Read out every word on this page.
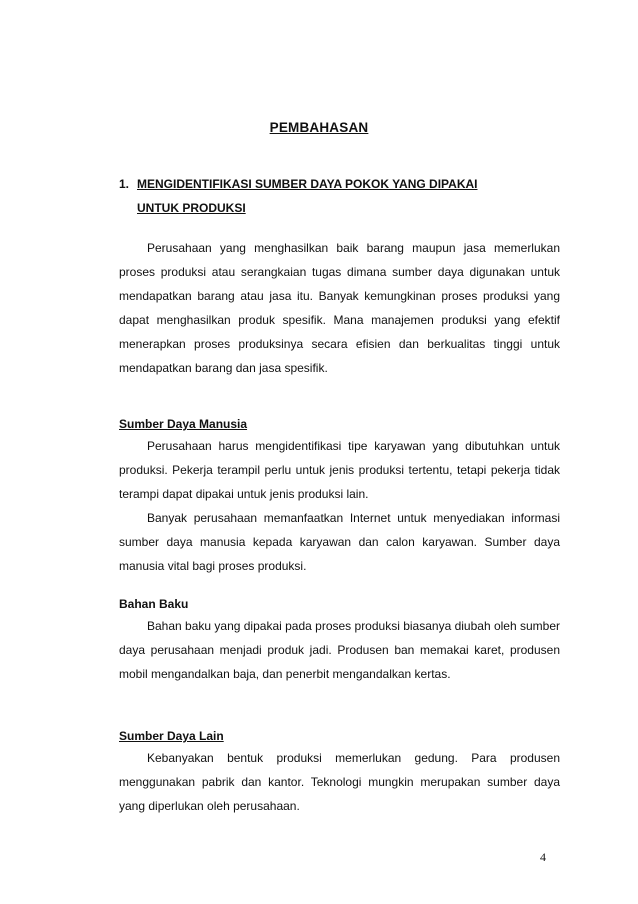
PEMBAHASAN
1. MENGIDENTIFIKASI SUMBER DAYA POKOK YANG DIPAKAI
UNTUK PRODUKSI

Perusahaan yang menghasilkan baik barang maupun jasa memerlukan proses produksi atau serangkaian tugas dimana sumber daya digunakan untuk mendapatkan barang atau jasa itu. Banyak kemungkinan proses produksi yang dapat menghasilkan produk spesifik. Mana manajemen produksi yang efektif menerapkan proses produksinya secara efisien dan berkualitas tinggi untuk mendapatkan barang dan jasa spesifik.

Sumber Daya Manusia

Perusahaan harus mengidentifikasi tipe karyawan yang dibutuhkan untuk produksi. Pekerja terampil perlu untuk jenis produksi tertentu, tetapi pekerja tidak terampi dapat dipakai untuk jenis produksi lain.

Banyak perusahaan memanfaatkan Internet untuk menyediakan informasi sumber daya manusia kepada karyawan dan calon karyawan. Sumber daya manusia vital bagi proses produksi.

Bahan Baku

Bahan baku yang dipakai pada proses produksi biasanya diubah oleh sumber daya perusahaan menjadi produk jadi. Produsen ban memakai karet, produsen mobil mengandalkan baja, dan penerbit mengandalkan kertas.

Sumber Daya Lain

Kebanyakan bentuk produksi memerlukan gedung. Para produsen menggunakan pabrik dan kantor. Teknologi mungkin merupakan sumber daya yang diperlukan oleh perusahaan.

4
